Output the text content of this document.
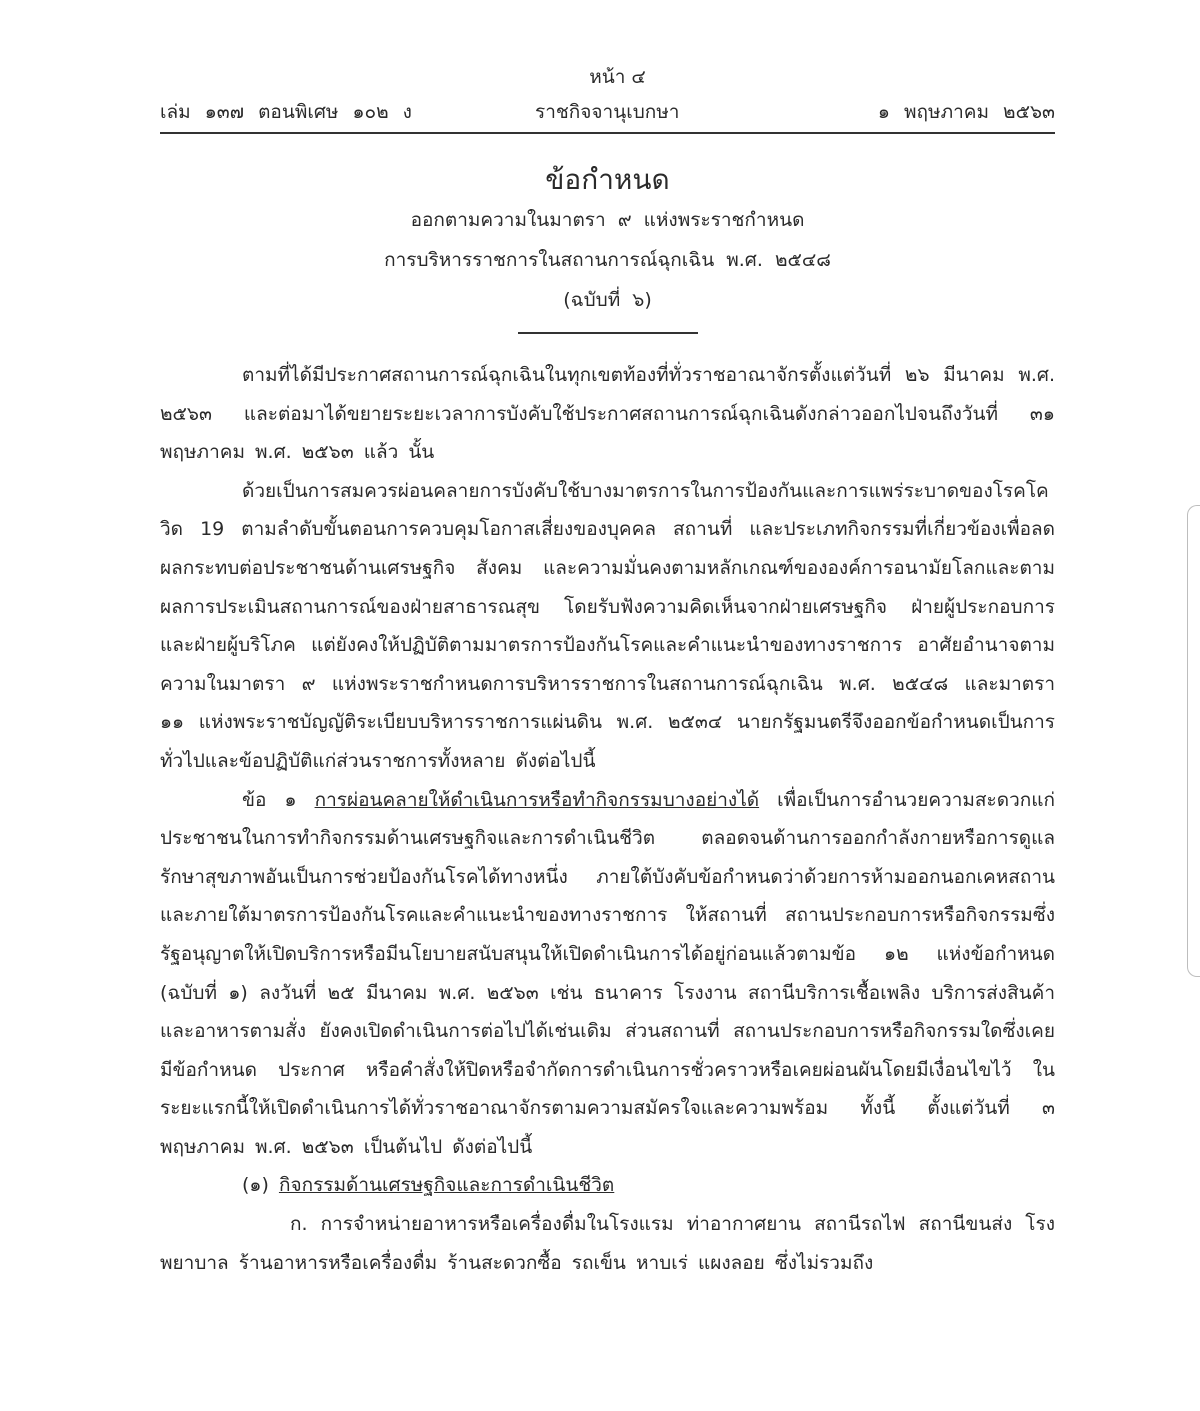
หน้า ๔
เล่ม ๑๓๗ ตอนพิเศษ ๑๐๒ ง	ราชกิจจานุเบกษา	๑ พฤษภาคม ๒๕๖๓
ข้อกำหนด
ออกตามความในมาตรา ๙ แห่งพระราชกำหนด
การบริหารราชการในสถานการณ์ฉุกเฉิน พ.ศ. ๒๕๔๘
(ฉบับที่ ๖)

ตามที่ได้มีประกาศสถานการณ์ฉุกเฉินในทุกเขตท้องที่ทั่วราชอาณาจักรตั้งแต่วันที่ ๒๖ มีนาคม พ.ศ. ๒๕๖๓ และต่อมาได้ขยายระยะเวลาการบังคับใช้ประกาศสถานการณ์ฉุกเฉินดังกล่าวออกไปจนถึงวันที่ ๓๑ พฤษภาคม พ.ศ. ๒๕๖๓ แล้ว นั้น

ด้วยเป็นการสมควรผ่อนคลายการบังคับใช้บางมาตรการในการป้องกันและการแพร่ระบาดของโรคโควิด 19 ตามลำดับขั้นตอนการควบคุมโอกาสเสี่ยงของบุคคล สถานที่ และประเภทกิจกรรมที่เกี่ยวข้องเพื่อลดผลกระทบต่อประชาชนด้านเศรษฐกิจ สังคม และความมั่นคงตามหลักเกณฑ์ขององค์การอนามัยโลกและตามผลการประเมินสถานการณ์ของฝ่ายสาธารณสุข โดยรับฟังความคิดเห็นจากฝ่ายเศรษฐกิจ ฝ่ายผู้ประกอบการ และฝ่ายผู้บริโภค แต่ยังคงให้ปฏิบัติตามมาตรการป้องกันโรคและคำแนะนำของทางราชการ อาศัยอำนาจตามความในมาตรา ๙ แห่งพระราชกำหนดการบริหารราชการในสถานการณ์ฉุกเฉิน พ.ศ. ๒๕๔๘ และมาตรา ๑๑ แห่งพระราชบัญญัติระเบียบบริหารราชการแผ่นดิน พ.ศ. ๒๕๓๔ นายกรัฐมนตรีจึงออกข้อกำหนดเป็นการทั่วไปและข้อปฏิบัติแก่ส่วนราชการทั้งหลาย ดังต่อไปนี้

ข้อ ๑ การผ่อนคลายให้ดำเนินการหรือทำกิจกรรมบางอย่างได้ เพื่อเป็นการอำนวยความสะดวกแก่ประชาชนในการทำกิจกรรมด้านเศรษฐกิจและการดำเนินชีวิต ตลอดจนด้านการออกกำลังกายหรือการดูแลรักษาสุขภาพอันเป็นการช่วยป้องกันโรคได้ทางหนึ่ง ภายใต้บังคับข้อกำหนดว่าด้วยการห้ามออกนอกเคหสถาน และภายใต้มาตรการป้องกันโรคและคำแนะนำของทางราชการ ให้สถานที่ สถานประกอบการหรือกิจกรรมซึ่งรัฐอนุญาตให้เปิดบริการหรือมีนโยบายสนับสนุนให้เปิดดำเนินการได้อยู่ก่อนแล้วตามข้อ ๑๒ แห่งข้อกำหนด (ฉบับที่ ๑) ลงวันที่ ๒๕ มีนาคม พ.ศ. ๒๕๖๓ เช่น ธนาคาร โรงงาน สถานีบริการเชื้อเพลิง บริการส่งสินค้าและอาหารตามสั่ง ยังคงเปิดดำเนินการต่อไปได้เช่นเดิม ส่วนสถานที่ สถานประกอบการหรือกิจกรรมใดซึ่งเคยมีข้อกำหนด ประกาศ หรือคำสั่งให้ปิดหรือจำกัดการดำเนินการชั่วคราวหรือเคยผ่อนผันโดยมีเงื่อนไขไว้ ในระยะแรกนี้ให้เปิดดำเนินการได้ทั่วราชอาณาจักรตามความสมัครใจและความพร้อม ทั้งนี้ ตั้งแต่วันที่ ๓ พฤษภาคม พ.ศ. ๒๕๖๓ เป็นต้นไป ดังต่อไปนี้

(๑) กิจกรรมด้านเศรษฐกิจและการดำเนินชีวิต

ก. การจำหน่ายอาหารหรือเครื่องดื่มในโรงแรม ท่าอากาศยาน สถานีรถไฟ สถานีขนส่ง โรงพยาบาล ร้านอาหารหรือเครื่องดื่ม ร้านสะดวกซื้อ รถเข็น หาบเร่ แผงลอย ซึ่งไม่รวมถึง
